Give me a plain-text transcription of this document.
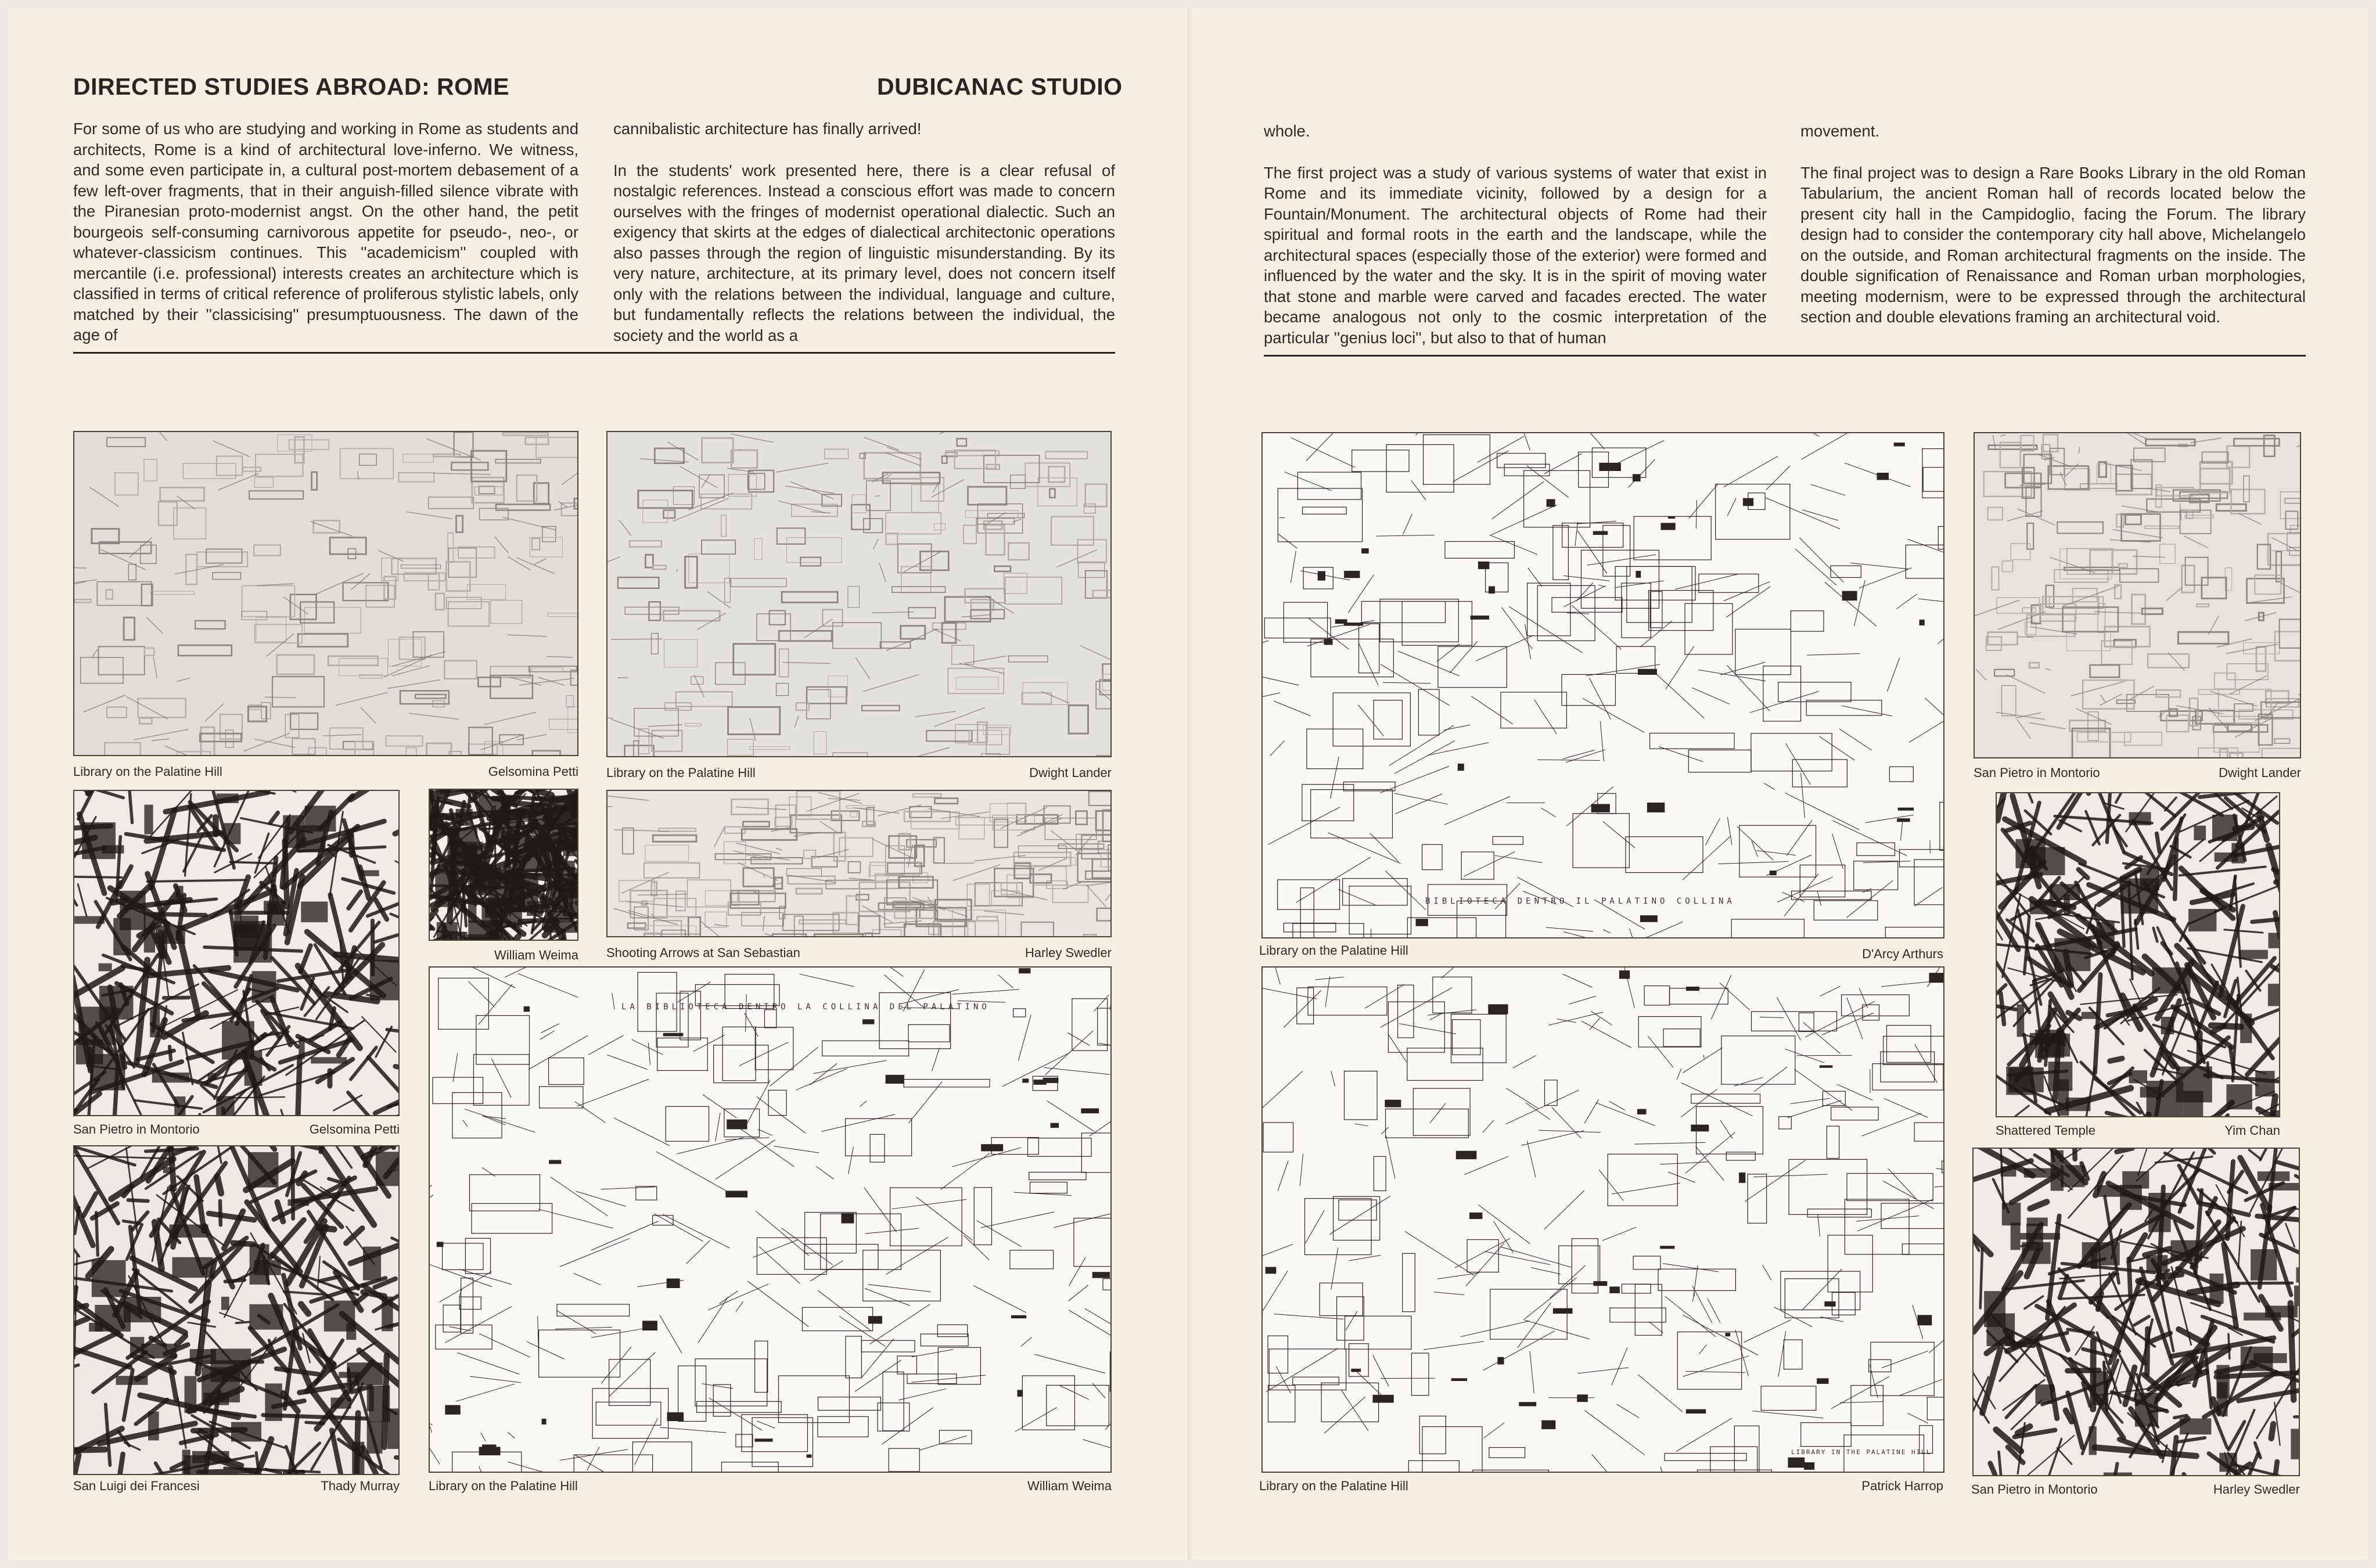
DIRECTED STUDIES ABROAD: ROME	DUBICANAC STUDIO

For some of us who are studying and working in Rome as students and architects, Rome is a kind of architectural love-inferno. We witness, and some even participate in, a cultural post-mortem debasement of a few left-over fragments, that in their anguish-filled silence vibrate with the Piranesian proto-modernist angst. On the other hand, the petit bourgeois self-consuming carnivorous appetite for pseudo-, neo-, or whatever-classicism continues. This ''academicism'' coupled with mercantile (i.e. professional) interests creates an architecture which is classified in terms of critical reference of proliferous stylistic labels, only matched by their ''classicising'' presumptuousness. The dawn of the age of

cannibalistic architecture has finally arrived!

In the students' work presented here, there is a clear refusal of nostalgic references. Instead a conscious effort was made to concern ourselves with the fringes of modernist operational dialectic. Such an exigency that skirts at the edges of dialectical architectonic operations also passes through the region of linguistic misunderstanding. By its very nature, architecture, at its primary level, does not concern itself only with the relations between the individual, language and culture, but fundamentally reflects the relations between the individual, the society and the world as a

whole.

The first project was a study of various systems of water that exist in Rome and its immediate vicinity, followed by a design for a Fountain/Monument. The architectural objects of Rome had their spiritual and formal roots in the earth and the landscape, while the architectural spaces (especially those of the exterior) were formed and influenced by the water and the sky. It is in the spirit of moving water that stone and marble were carved and facades erected. The water became analogous not only to the cosmic interpretation of the particular ''genius loci'', but also to that of human

movement.

The final project was to design a Rare Books Library in the old Roman Tabularium, the ancient Roman hall of records located below the present city hall in the Campidoglio, facing the Forum. The library design had to consider the contemporary city hall above, Michelangelo on the outside, and Roman architectural fragments on the inside. The double signification of Renaissance and Roman urban morphologies, meeting modernism, were to be expressed through the architectural section and double elevations framing an architectural void.

Library on the Palatine Hill	Gelsomina Petti Library on the Palatine Hill	Dwight Lander
San Pietro in Montorio	Gelsomina Petti
William Weima Shooting Arrows at San Sebastian	Harley Swedler
San Luigi dei Francesi	Thady Murray
LA BIBLIOTECA DENTRO LA COLLINA DEL PALATINO
Library on the Palatine Hill	William Weima
BIBLIOTECA DENTRO IL PALATINO COLLINA
Library on the Palatine Hill	D'Arcy Arthurs
San Pietro in Montorio	Dwight Lander
Shattered Temple	Yim Chan
LIBRARY IN THE PALATINE HILL
Library on the Palatine Hill	Patrick Harrop San Pietro in Montorio	Harley Swedler
